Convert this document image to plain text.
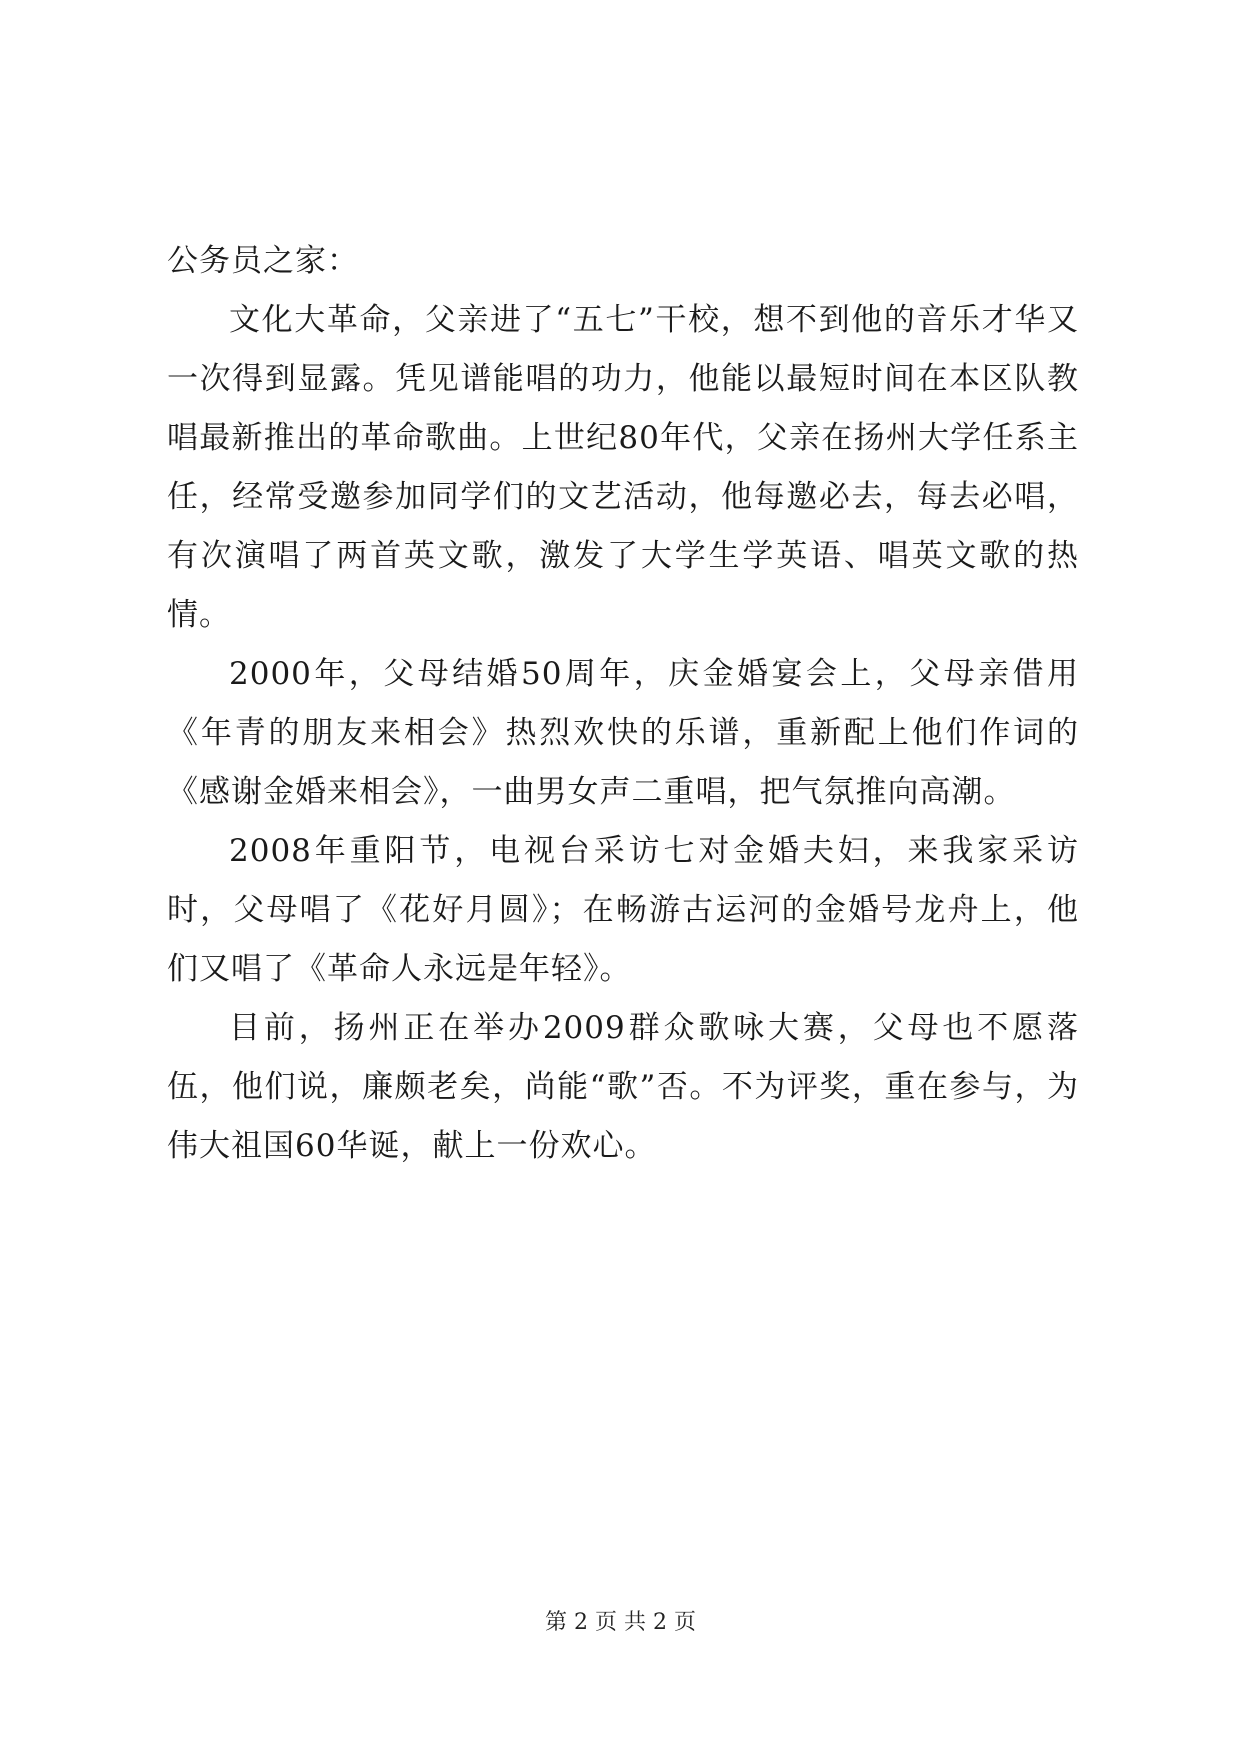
公务员之家：

文化大革命，父亲进了“五七”干校，想不到他的音乐才华又一次得到显露。凭见谱能唱的功力，他能以最短时间在本区队教唱最新推出的革命歌曲。上世纪80年代，父亲在扬州大学任系主任，经常受邀参加同学们的文艺活动，他每邀必去，每去必唱，有次演唱了两首英文歌，激发了大学生学英语、唱英文歌的热情。

2000年，父母结婚50周年，庆金婚宴会上，父母亲借用《年青的朋友来相会》热烈欢快的乐谱，重新配上他们作词的《感谢金婚来相会》，一曲男女声二重唱，把气氛推向高潮。

2008年重阳节，电视台采访七对金婚夫妇，来我家采访时，父母唱了《花好月圆》；在畅游古运河的金婚号龙舟上，他们又唱了《革命人永远是年轻》。

目前，扬州正在举办2009群众歌咏大赛，父母也不愿落伍，他们说，廉颇老矣，尚能“歌”否。不为评奖，重在参与，为伟大祖国60华诞，献上一份欢心。

第 2 页 共 2 页
